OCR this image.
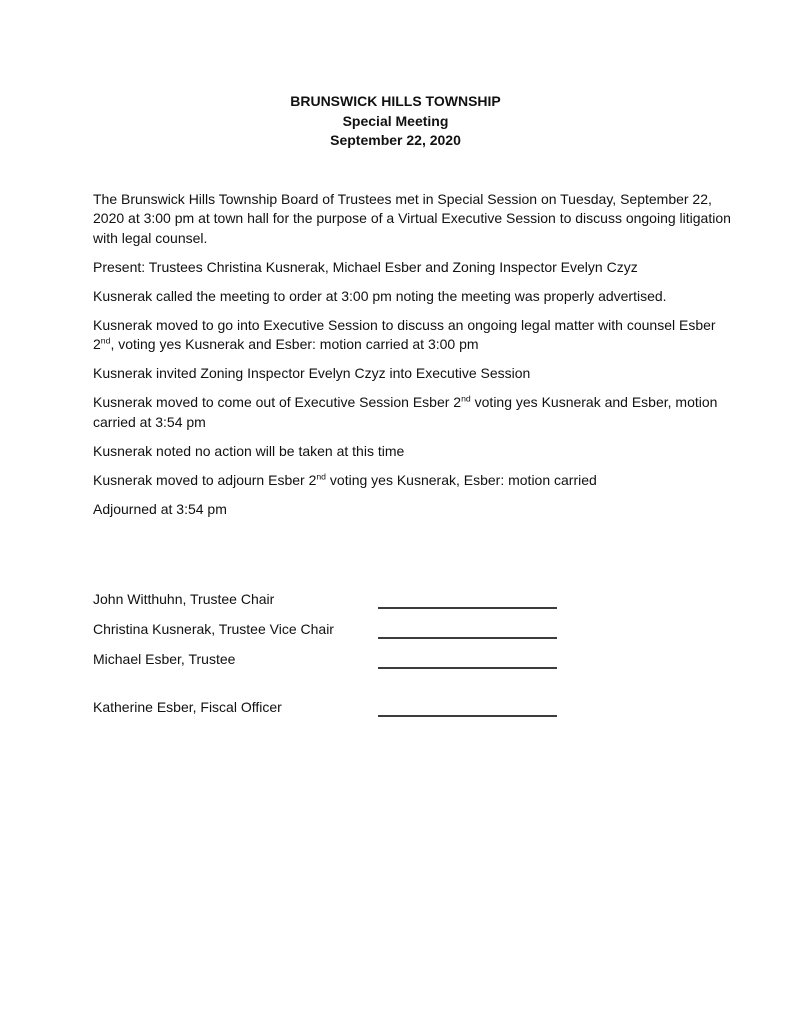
BRUNSWICK HILLS TOWNSHIP
Special Meeting
September 22, 2020

The Brunswick Hills Township Board of Trustees met in Special Session on Tuesday, September 22, 2020 at 3:00 pm at town hall for the purpose of a Virtual Executive Session to discuss ongoing litigation with legal counsel.

Present: Trustees Christina Kusnerak, Michael Esber and Zoning Inspector Evelyn Czyz

Kusnerak called the meeting to order at 3:00 pm noting the meeting was properly advertised.

Kusnerak moved to go into Executive Session to discuss an ongoing legal matter with counsel Esber 2nd, voting yes Kusnerak and Esber: motion carried at 3:00 pm

Kusnerak invited Zoning Inspector Evelyn Czyz into Executive Session

Kusnerak moved to come out of Executive Session Esber 2nd voting yes Kusnerak and Esber, motion carried at 3:54 pm

Kusnerak noted no action will be taken at this time

Kusnerak moved to adjourn Esber 2nd voting yes Kusnerak, Esber: motion carried

Adjourned at 3:54 pm

John Witthuhn, Trustee Chair
Christina Kusnerak, Trustee Vice Chair
Michael Esber, Trustee
Katherine Esber, Fiscal Officer
